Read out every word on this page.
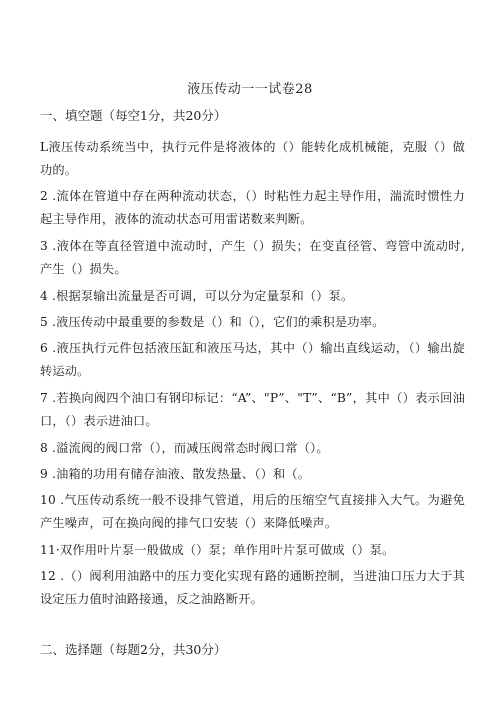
液压传动一一试卷28
一、填空题（每空1分，共20分）
L液压传动系统当中，执行元件是将液体的（）能转化成机械能，克服（）做功的。
2 .流体在管道中存在两种流动状态，（）时粘性力起主导作用，湍流时惯性力起主导作用，液体的流动状态可用雷诺数来判断。
3 .液体在等直径管道中流动时，产生（）损失；在变直径管、弯管中流动时,产生（）损失。
4 .根据泵输出流量是否可调，可以分为定量泵和（）泵。
5 .液压传动中最重要的参数是（）和（），它们的乘积是功率。
6 .液压执行元件包括液压缸和液压马达，其中（）输出直线运动，（）输出旋转运动。
7 .若换向阀四个油口有钢印标记：“A”、"P”、"T”、“B”，其中（）表示回油口，（）表示进油口。
8 .溢流阀的阀口常（），而减压阀常态时阀口常（）。
9 .油箱的功用有储存油液、散发热量、（）和（。
10 .气压传动系统一般不设排气管道，用后的压缩空气直接排入大气。为避免产生噪声，可在换向阀的排气口安装（）来降低噪声。
11·双作用叶片泵一般做成（）泵；单作用叶片泵可做成（）泵。
12 .（）阀利用油路中的压力变化实现有路的通断控制，当进油口压力大于其设定压力值时油路接通，反之油路断开。
二、选择题（每题2分，共30分）
